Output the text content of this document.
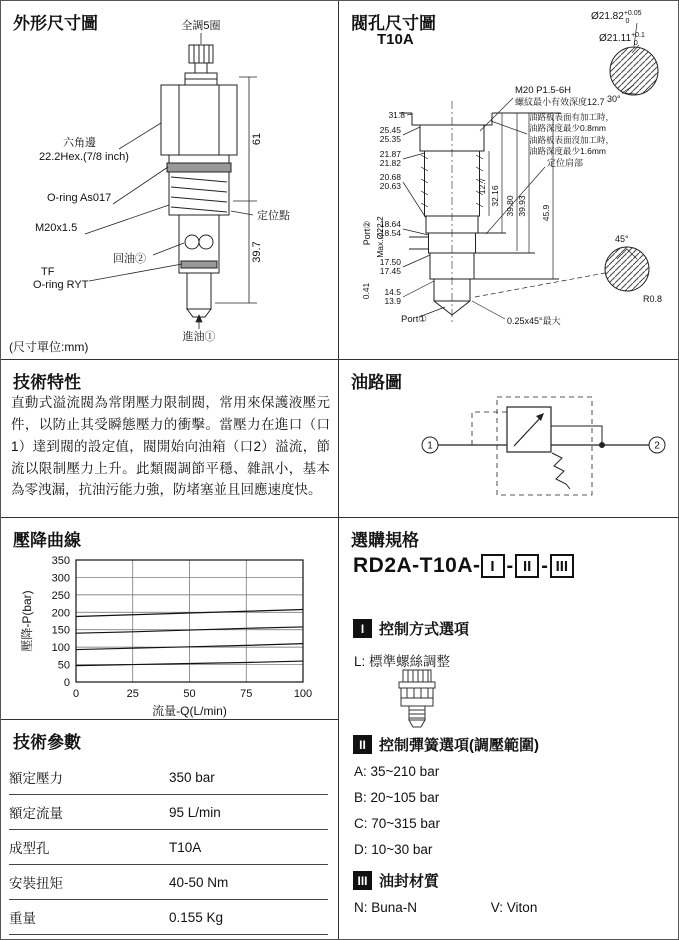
外形尺寸圖	全調5圈
六角邊
22.2Hex.(7/8 inch)
O-ring As017
M20x1.5
回油②
TF
O-ring RYT
定位點
進油①
61
39.7
(尺寸單位:mm)
閥孔尺寸圖
T10A
$Ø21.82^{+0.05}$ 0
$Ø21.11^{+0.1}$ 0
30°
M20 P1.5-6H
螺紋最小有效深度12.7
油路板表面有加工時，
油路深度最少0.8mm
油路板表面沒加工時，
油路深度最少1.6mm
定位肩部
31.8
25.45
25.35
21.87
21.82
20.68
20.63
18.64
18.54
17.50
17.45
14.5
13.9
12.7 32.16 39.80 39.93 45.9
Port② Max.Ø22.2
0.41
Port①	0.25x45°最大
45°
R0.8
技術特性

直動式溢流閥為常閉壓力限制閥，常用來保護液壓元件，以防止其受瞬態壓力的衝擊。當壓力在進口（口1）達到閥的設定值，閥開始向油箱（口2）溢流，節流以限制壓力上升。此類閥調節平穩、雜訊小，基本為零洩漏，抗油污能力強，防堵塞並且回應速度快。

油路圖
1	2
壓降曲線
0	25	50	75	100
0
50
100
150
200
250
300
350
壓降-P(bar)
流量-Q(L/min)
技術參數
額定壓力	350 bar
額定流量	95 L/min
成型孔	T10A
安裝扭矩	40-50 Nm
重量	0.155 Kg
選購規格
RD2A-T10A- I - II - III
I 控制方式選項
L: 標準螺絲調整
II 控制彈簧選項(調壓範圍)
A: 35~210 bar
B: 20~105 bar
C: 70~315 bar
D: 10~30 bar
III 油封材質
N: Buna-N	V: Viton
